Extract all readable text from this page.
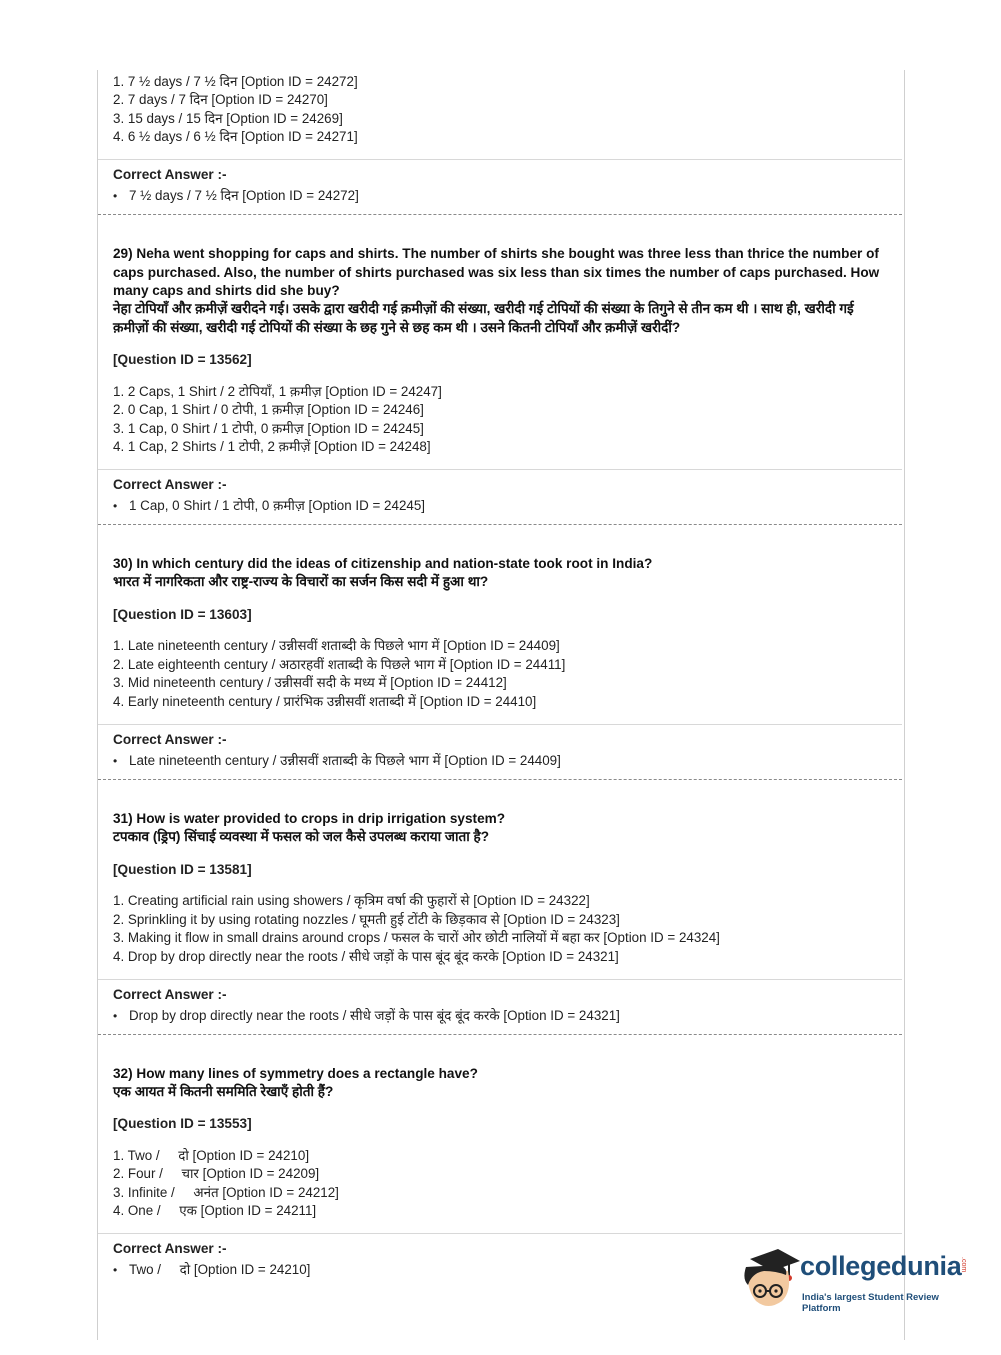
1. 7 ½ days / 7 ½ दिन [Option ID = 24272]
2. 7 days / 7 दिन [Option ID = 24270]
3. 15 days / 15 दिन [Option ID = 24269]
4. 6 ½ days / 6 ½ दिन [Option ID = 24271]
Correct Answer :-
• 7 ½ days / 7 ½ दिन [Option ID = 24272]
29) Neha went shopping for caps and shirts. The number of shirts she bought was three less than thrice the number of caps purchased. Also, the number of shirts purchased was six less than six times the number of caps purchased. How many caps and shirts did she buy?
नेहा टोपियाँ और क़मीज़ें खरीदने गई। उसके द्वारा खरीदी गई क़मीज़ों की संख्या, खरीदी गई टोपियों की संख्या के तिगुने से तीन कम थी । साथ ही, खरीदी गई क़मीज़ों की संख्या, खरीदी गई टोपियों की संख्या के छह गुने से छह कम थी । उसने कितनी टोपियाँ और क़मीज़ें खरीदीं?
[Question ID = 13562]
1. 2 Caps, 1 Shirt / 2 टोपियाँ, 1 क़मीज़ [Option ID = 24247]
2. 0 Cap, 1 Shirt / 0 टोपी, 1 क़मीज़ [Option ID = 24246]
3. 1 Cap, 0 Shirt / 1 टोपी, 0 क़मीज़ [Option ID = 24245]
4. 1 Cap, 2 Shirts / 1 टोपी, 2 क़मीज़ें [Option ID = 24248]
Correct Answer :-
• 1 Cap, 0 Shirt / 1 टोपी, 0 क़मीज़ [Option ID = 24245]
30) In which century did the ideas of citizenship and nation-state took root in India?
भारत में नागरिकता और राष्ट्र-राज्य के विचारों का सर्जन किस सदी में हुआ था?
[Question ID = 13603]
1. Late nineteenth century / उन्नीसवीं शताब्दी के पिछले भाग में [Option ID = 24409]
2. Late eighteenth century / अठारहवीं शताब्दी के पिछले भाग में [Option ID = 24411]
3. Mid nineteenth century / उन्नीसवीं सदी के मध्य में [Option ID = 24412]
4. Early nineteenth century / प्रारंभिक उन्नीसवीं शताब्दी में [Option ID = 24410]
Correct Answer :-
• Late nineteenth century / उन्नीसवीं शताब्दी के पिछले भाग में [Option ID = 24409]
31) How is water provided to crops in drip irrigation system?
टपकाव (ड्रिप) सिंचाई व्यवस्था में फसल को जल कैसे उपलब्ध कराया जाता है?
[Question ID = 13581]
1. Creating artificial rain using showers / कृत्रिम वर्षा की फुहारों से [Option ID = 24322]
2. Sprinkling it by using rotating nozzles / घूमती हुई टोंटी के छिड़काव से [Option ID = 24323]
3. Making it flow in small drains around crops / फसल के चारों ओर छोटी नालियों में बहा कर [Option ID = 24324]
4. Drop by drop directly near the roots / सीधे जड़ों के पास बूंद बूंद करके [Option ID = 24321]
Correct Answer :-
• Drop by drop directly near the roots / सीधे जड़ों के पास बूंद बूंद करके [Option ID = 24321]
32) How many lines of symmetry does a rectangle have?
एक आयत में कितनी सममिति रेखाएँ होती हैं?
[Question ID = 13553]
1. Two /     दो [Option ID = 24210]
2. Four /     चार [Option ID = 24209]
3. Infinite /     अनंत [Option ID = 24212]
4. One /     एक [Option ID = 24211]
Correct Answer :-
• Two /     दो [Option ID = 24210]	collegedunia
.com
India's largest Student Review Platform
